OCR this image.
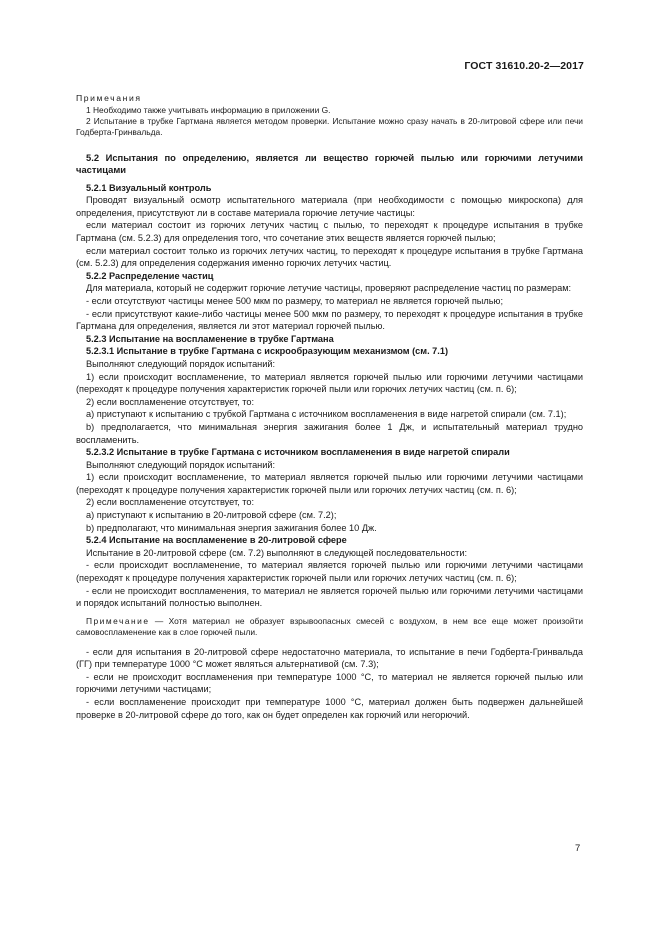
ГОСТ 31610.20-2—2017

Примечания

1 Необходимо также учитывать информацию в приложении G.

2 Испытание в трубке Гартмана является методом проверки. Испытание можно сразу начать в 20-литровой сфере или печи Годберта-Гринвальда.

5.2 Испытания по определению, является ли вещество горючей пылью или горючими летучими частицами

5.2.1 Визуальный контроль

Проводят визуальный осмотр испытательного материала (при необходимости с помощью микроскопа) для определения, присутствуют ли в составе материала горючие летучие частицы:

если материал состоит из горючих летучих частиц с пылью, то переходят к процедуре испытания в трубке Гартмана (см. 5.2.3) для определения того, что сочетание этих веществ является горючей пылью;

если материал состоит только из горючих летучих частиц, то переходят к процедуре испытания в трубке Гартмана (см. 5.2.3) для определения содержания именно горючих летучих частиц.

5.2.2 Распределение частиц

Для материала, который не содержит горючие летучие частицы, проверяют распределение частиц по размерам:

- если отсутствуют частицы менее 500 мкм по размеру, то материал не является горючей пылью;

- если присутствуют какие-либо частицы менее 500 мкм по размеру, то переходят к процедуре испытания в трубке Гартмана для определения, является ли этот материал горючей пылью.

5.2.3 Испытание на воспламенение в трубке Гартмана

5.2.3.1 Испытание в трубке Гартмана с искрообразующим механизмом (см. 7.1)

Выполняют следующий порядок испытаний:

1) если происходит воспламенение, то материал является горючей пылью или горючими летучими частицами (переходят к процедуре получения характеристик горючей пыли или горючих летучих частиц (см. п. 6);

2) если воспламенение отсутствует, то:

a) приступают к испытанию с трубкой Гартмана с источником воспламенения в виде нагретой спирали (см. 7.1);

b) предполагается, что минимальная энергия зажигания более 1 Дж, и испытательный материал трудно воспламенить.

5.2.3.2 Испытание в трубке Гартмана с источником воспламенения в виде нагретой спирали

Выполняют следующий порядок испытаний:

1) если происходит воспламенение, то материал является горючей пылью или горючими летучими частицами (переходят к процедуре получения характеристик горючей пыли или горючих летучих частиц (см. п. 6);

2) если воспламенение отсутствует, то:

a) приступают к испытанию в 20-литровой сфере (см. 7.2);

b) предполагают, что минимальная энергия зажигания более 10 Дж.

5.2.4 Испытание на воспламенение в 20-литровой сфере

Испытание в 20-литровой сфере (см. 7.2) выполняют в следующей последовательности:

- если происходит воспламенение, то материал является горючей пылью или горючими летучими частицами (переходят к процедуре получения характеристик горючей пыли или горючих летучих частиц (см. п. 6);

- если не происходит воспламенения, то материал не является горючей пылью или горючими летучими частицами и порядок испытаний полностью выполнен.

Примечание — Хотя материал не образует взрывоопасных смесей с воздухом, в нем все еще может произойти самовоспламенение как в слое горючей пыли.

- если для испытания в 20-литровой сфере недостаточно материала, то испытание в печи Годберта-Гринвальда (ГГ) при температуре 1000 °С может являться альтернативой (см. 7.3);

- если не происходит воспламенения при температуре 1000 °С, то материал не является горючей пылью или горючими летучими частицами;

- если воспламенение происходит при температуре 1000 °С, материал должен быть подвержен дальнейшей проверке в 20-литровой сфере до того, как он будет определен как горючий или негорючий.

7
